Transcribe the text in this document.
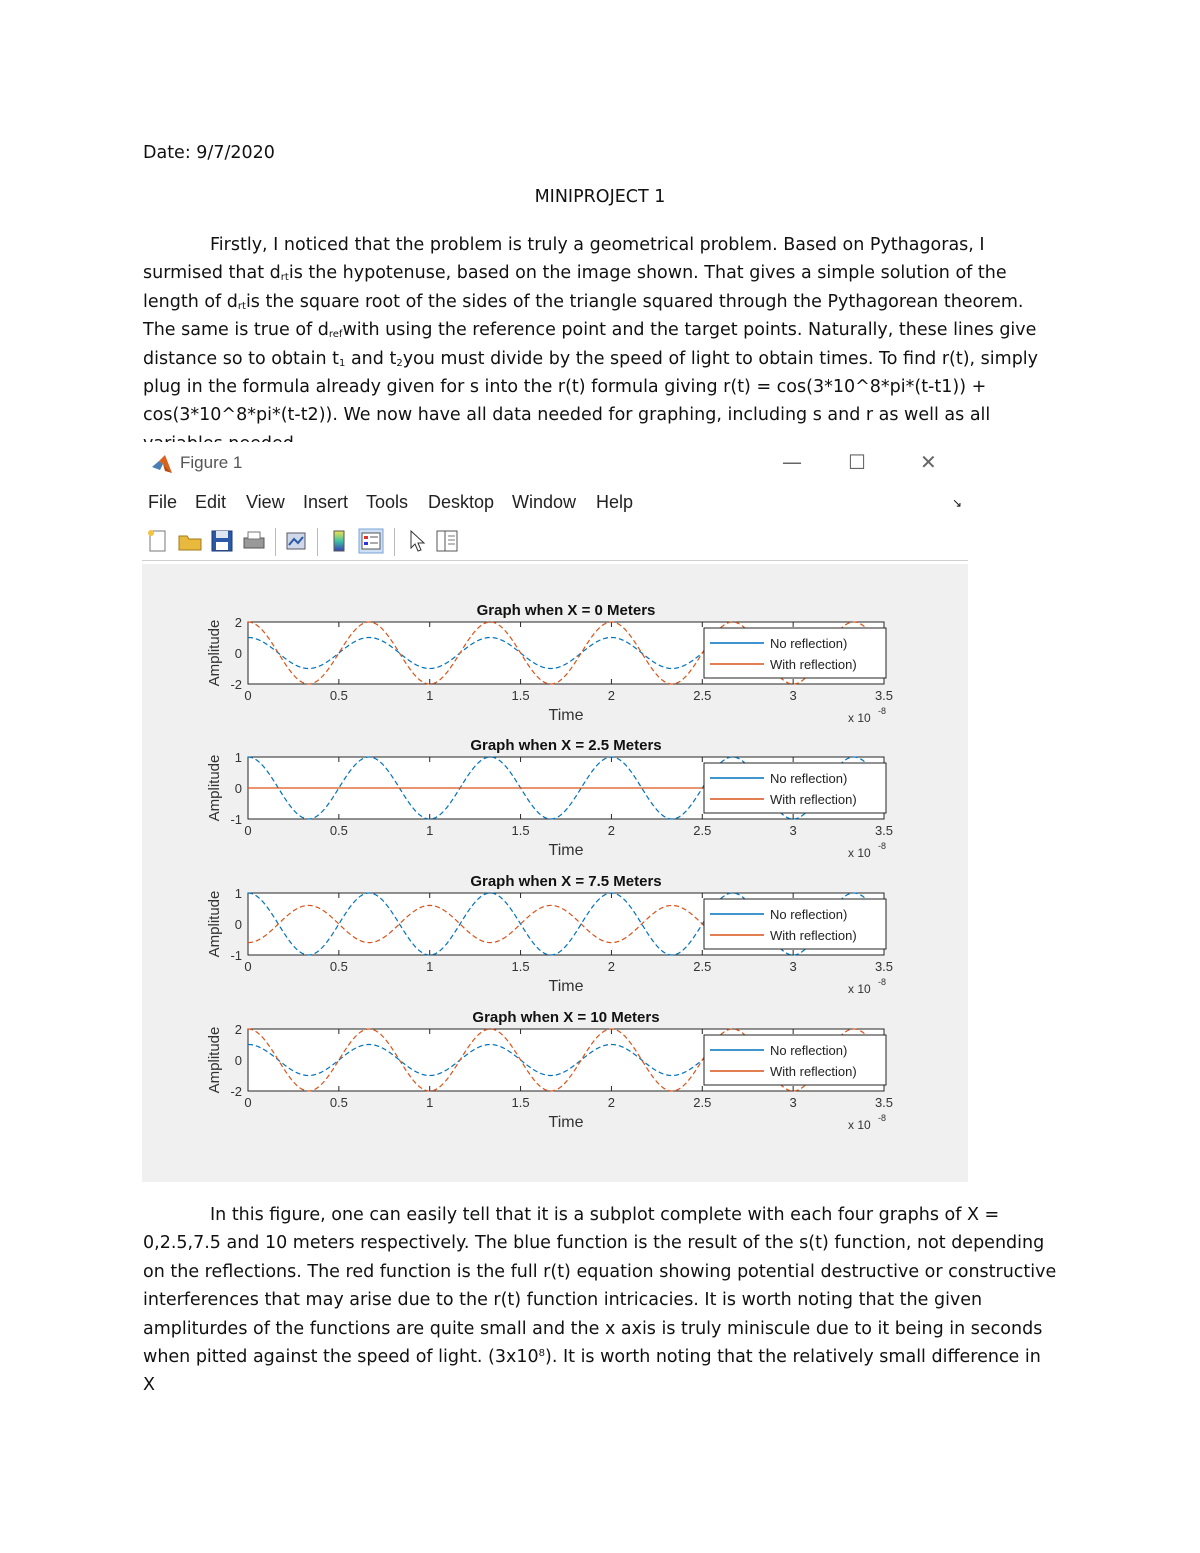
Date: 9/7/2020
MINIPROJECT 1

Firstly, I noticed that the problem is truly a geometrical problem. Based on Pythagoras, I surmised that $d_{rt}is$ the hypotenuse, based on the image shown. That gives a simple solution of the length of $d_{rt}is$ the square root of the sides of the triangle squared through the Pythagorean theorem. The same is true of $d_{ref}with$ using the reference point and the target points. Naturally, these lines give distance so to obtain $t_1$ and $t_2you$ must divide by the speed of light to obtain times. To find r(t), simply plug in the formula already given for s into the r(t) formula giving r(t) = cos(3*10^8*pi*(t-t1)) + cos(3*10^8*pi*(t-t2)). We now have all data needed for graphing, including s and r as well as all

Figure 1	— ☐	✕
File Edit View Insert Tools Desktop Window Help	↘
Graph when X = 0 Meters
0	0.5	1	1.5	2	2.5	3	3.5
-2
0
2
Time
Amplitude
x 10 -8
No reflection)
With reflection)
Graph when X = 2.5 Meters
0	0.5	1	1.5	2	2.5	3	3.5
-1
0
1
Time
Amplitude
x 10 -8
No reflection)
With reflection)
Graph when X = 7.5 Meters
0	0.5	1	1.5	2	2.5	3	3.5
-1
0
1
Time
Amplitude
x 10 -8
No reflection)
With reflection)
Graph when X = 10 Meters
0	0.5	1	1.5	2	2.5	3	3.5
-2
0
2
Time
Amplitude
x 10 -8
No reflection)
With reflection)

In this figure, one can easily tell that it is a subplot complete with each four graphs of X = 0,2.5,7.5 and 10 meters respectively. The blue function is the result of the s(t) function, not depending on the reflections. The red function is the full r(t) equation showing potential destructive or constructive interferences that may arise due to the r(t) function intricacies. It is worth noting that the given ampliturdes of the functions are quite small and the x axis is truly miniscule due to it being in seconds when pitted against the speed of light. $(3x10^8)$. It is worth noting that the relatively small difference in X
